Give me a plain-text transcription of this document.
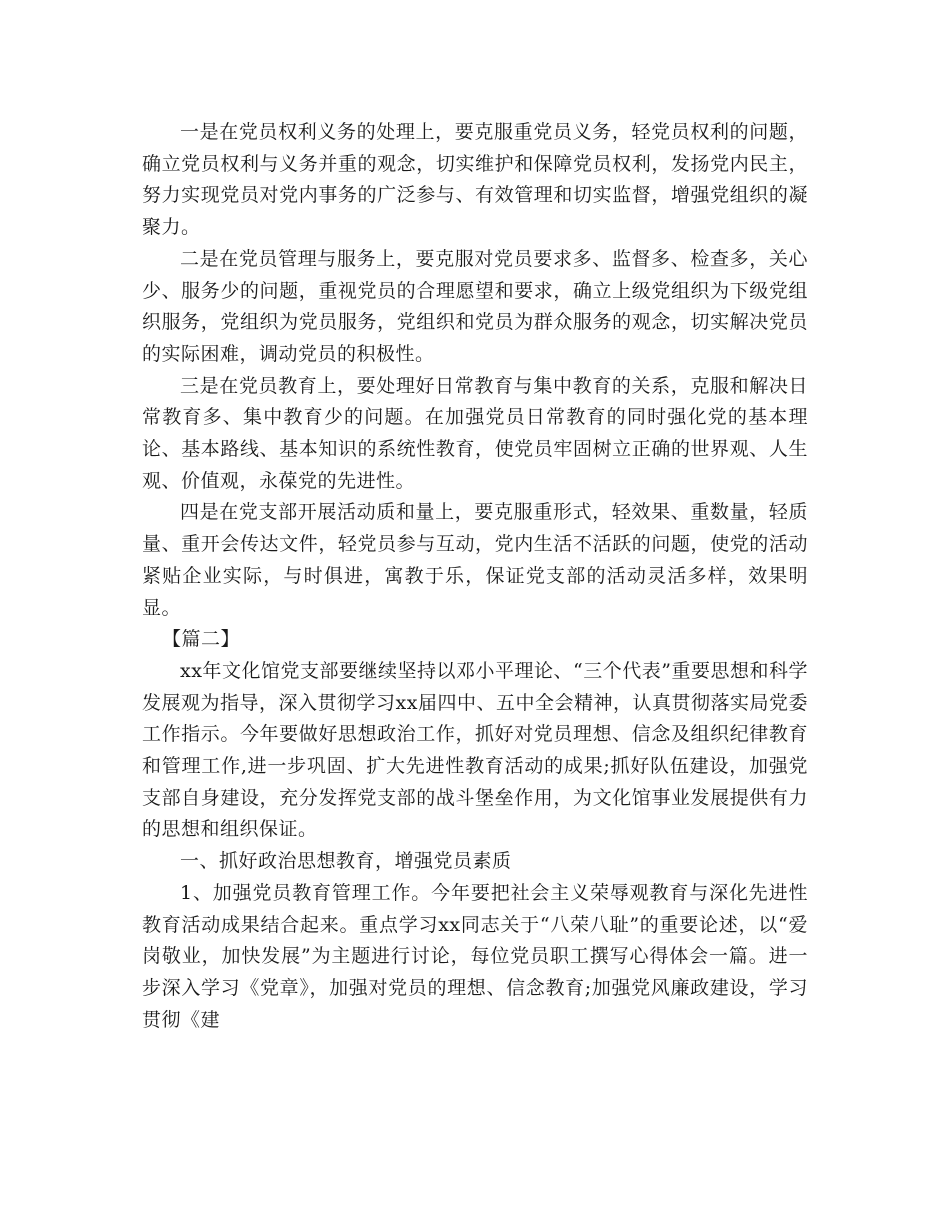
一是在党员权利义务的处理上，要克服重党员义务，轻党员权利的问题，确立党员权利与义务并重的观念，切实维护和保障党员权利，发扬党内民主，努力实现党员对党内事务的广泛参与、有效管理和切实监督，增强党组织的凝聚力。

二是在党员管理与服务上，要克服对党员要求多、监督多、检查多，关心少、服务少的问题，重视党员的合理愿望和要求，确立上级党组织为下级党组织服务，党组织为党员服务，党组织和党员为群众服务的观念，切实解决党员的实际困难，调动党员的积极性。

三是在党员教育上，要处理好日常教育与集中教育的关系，克服和解决日常教育多、集中教育少的问题。在加强党员日常教育的同时强化党的基本理论、基本路线、基本知识的系统性教育，使党员牢固树立正确的世界观、人生观、价值观，永葆党的先进性。

四是在党支部开展活动质和量上，要克服重形式，轻效果、重数量，轻质量、重开会传达文件，轻党员参与互动，党内生活不活跃的问题，使党的活动紧贴企业实际，与时俱进，寓教于乐，保证党支部的活动灵活多样，效果明显。

【篇二】

xx年文化馆党支部要继续坚持以邓小平理论、“三个代表”重要思想和科学发展观为指导，深入贯彻学习xx届四中、五中全会精神，认真贯彻落实局党委工作指示。今年要做好思想政治工作，抓好对党员理想、信念及组织纪律教育和管理工作,进一步巩固、扩大先进性教育活动的成果;抓好队伍建设，加强党支部自身建设，充分发挥党支部的战斗堡垒作用，为文化馆事业发展提供有力的思想和组织保证。

一、抓好政治思想教育，增强党员素质

1、加强党员教育管理工作。今年要把社会主义荣辱观教育与深化先进性教育活动成果结合起来。重点学习xx同志关于“八荣八耻”的重要论述，以“爱岗敬业，加快发展”为主题进行讨论，每位党员职工撰写心得体会一篇。进一步深入学习《党章》，加强对党员的理想、信念教育;加强党风廉政建设，学习贯彻《建
